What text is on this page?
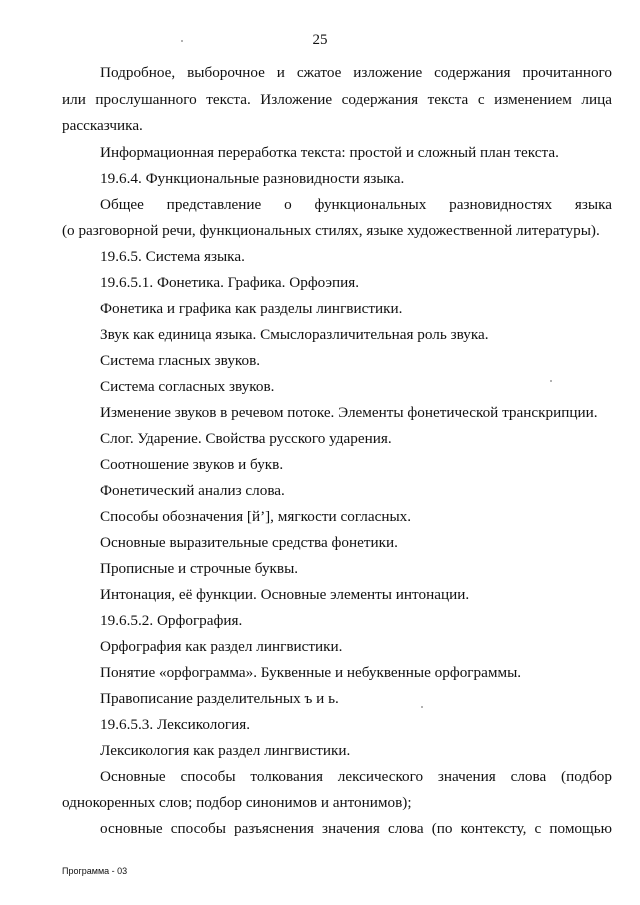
25
Подробное, выборочное и сжатое изложение содержания прочитанного
или прослушанного текста. Изложение содержания текста с изменением лица
рассказчика.
Информационная переработка текста: простой и сложный план текста.
19.6.4. Функциональные разновидности языка.
Общее представление о функциональных разновидностях языка
(о разговорной речи, функциональных стилях, языке художественной литературы).
19.6.5. Система языка.
19.6.5.1. Фонетика. Графика. Орфоэпия.
Фонетика и графика как разделы лингвистики.
Звук как единица языка. Смыслоразличительная роль звука.
Система гласных звуков.
Система согласных звуков.
Изменение звуков в речевом потоке. Элементы фонетической транскрипции.
Слог. Ударение. Свойства русского ударения.
Соотношение звуков и букв.
Фонетический анализ слова.
Способы обозначения [й’], мягкости согласных.
Основные выразительные средства фонетики.
Прописные и строчные буквы.
Интонация, её функции. Основные элементы интонации.
19.6.5.2. Орфография.
Орфография как раздел лингвистики.
Понятие «орфограмма». Буквенные и небуквенные орфограммы.
Правописание разделительных ъ и ь.
19.6.5.3. Лексикология.
Лексикология как раздел лингвистики.
Основные способы толкования лексического значения слова (подбор
однокоренных слов; подбор синонимов и антонимов);
основные способы разъяснения значения слова (по контексту, с помощью
Программа - 03
